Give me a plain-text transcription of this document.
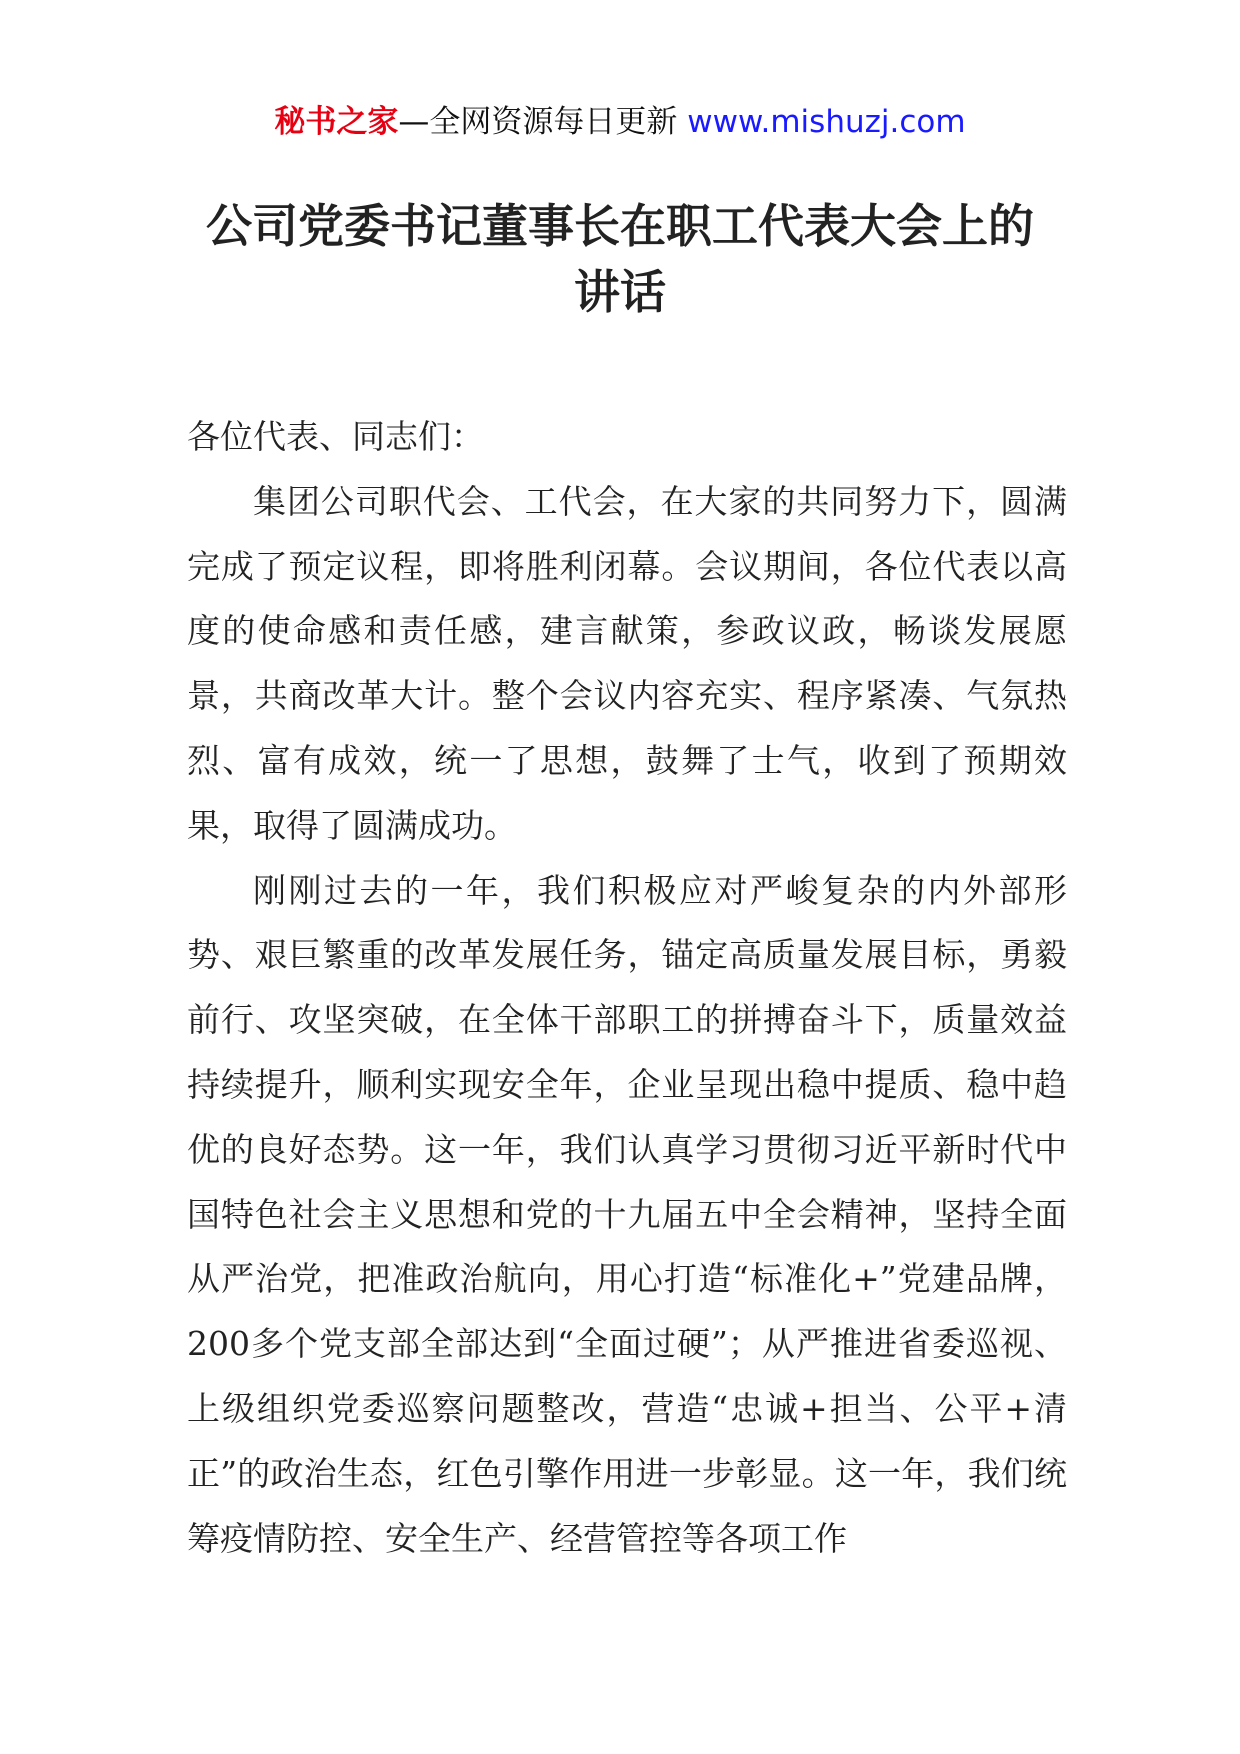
秘书之家—全网资源每日更新 www.mishuzj.com
公司党委书记董事长在职工代表大会上的
讲话

各位代表、同志们：

集团公司职代会、工代会，在大家的共同努力下，圆满完成了预定议程，即将胜利闭幕。会议期间，各位代表以高度的使命感和责任感，建言献策，参政议政，畅谈发展愿景，共商改革大计。整个会议内容充实、程序紧凑、气氛热烈、富有成效，统一了思想，鼓舞了士气，收到了预期效果，取得了圆满成功。

刚刚过去的一年，我们积极应对严峻复杂的内外部形势、艰巨繁重的改革发展任务，锚定高质量发展目标，勇毅前行、攻坚突破，在全体干部职工的拼搏奋斗下，质量效益持续提升，顺利实现安全年，企业呈现出稳中提质、稳中趋优的良好态势。这一年，我们认真学习贯彻习近平新时代中国特色社会主义思想和党的十九届五中全会精神，坚持全面从严治党，把准政治航向，用心打造“标准化+”党建品牌，200多个党支部全部达到“全面过硬”；从严推进省委巡视、上级组织党委巡察问题整改，营造“忠诚+担当、公平+清正”的政治生态，红色引擎作用进一步彰显。这一年，我们统筹疫情防控、安全生产、经营管控等各项工作
